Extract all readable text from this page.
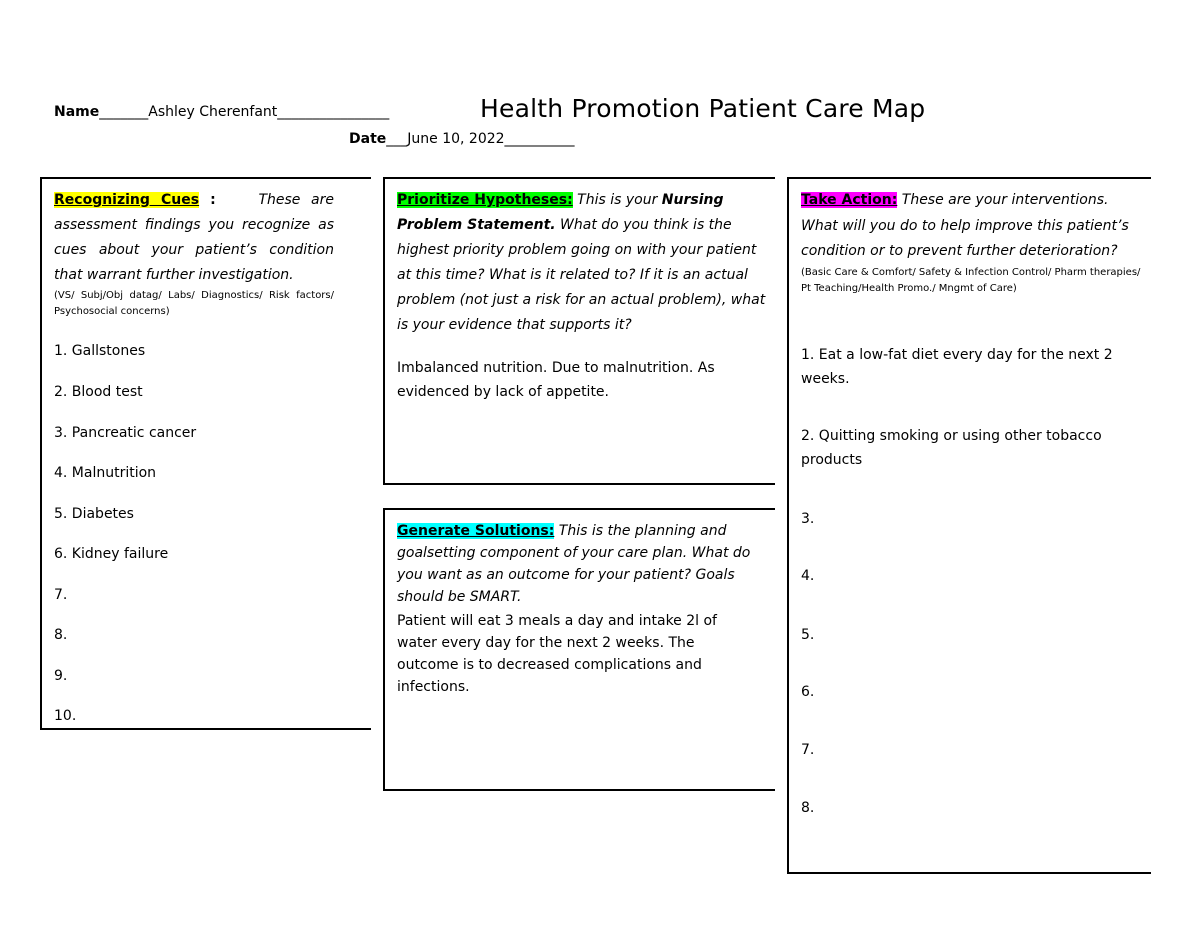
Name_______Ashley Cherenfant________________	Health Promotion Patient Care Map
Date___June 10, 2022__________
Recognizing Cues :	These are assessment findings you recognize as cues about your patient’s condition that warrant further investigation.
(VS/ Subj/Obj datag/ Labs/ Diagnostics/ Risk factors/ Psychosocial concerns)
1. Gallstones
2. Blood test
3. Pancreatic cancer
4. Malnutrition
5. Diabetes
6. Kidney failure
7.
8.
9.
10.
Prioritize Hypotheses: This is your Nursing Problem Statement. What do you think is the highest priority problem going on with your patient at this time? What is it related to? If it is an actual problem (not just a risk for an actual problem), what is your evidence that supports it?
Imbalanced nutrition. Due to malnutrition. As evidenced by lack of appetite.
Generate Solutions: This is the planning and goalsetting component of your care plan. What do you want as an outcome for your patient? Goals should be SMART.
Patient will eat 3 meals a day and intake 2l of water every day for the next 2 weeks. The outcome is to decreased complications and infections.
Take Action: These are your interventions. What will you do to help improve this patient’s condition or to prevent further deterioration?
(Basic Care & Comfort/ Safety & Infection Control/ Pharm therapies/ Pt Teaching/Health Promo./ Mngmt of Care)
1. Eat a low-fat diet every day for the next 2 weeks.
2. Quitting smoking or using other tobacco products
3.
4.
5.
6.
7.
8.
